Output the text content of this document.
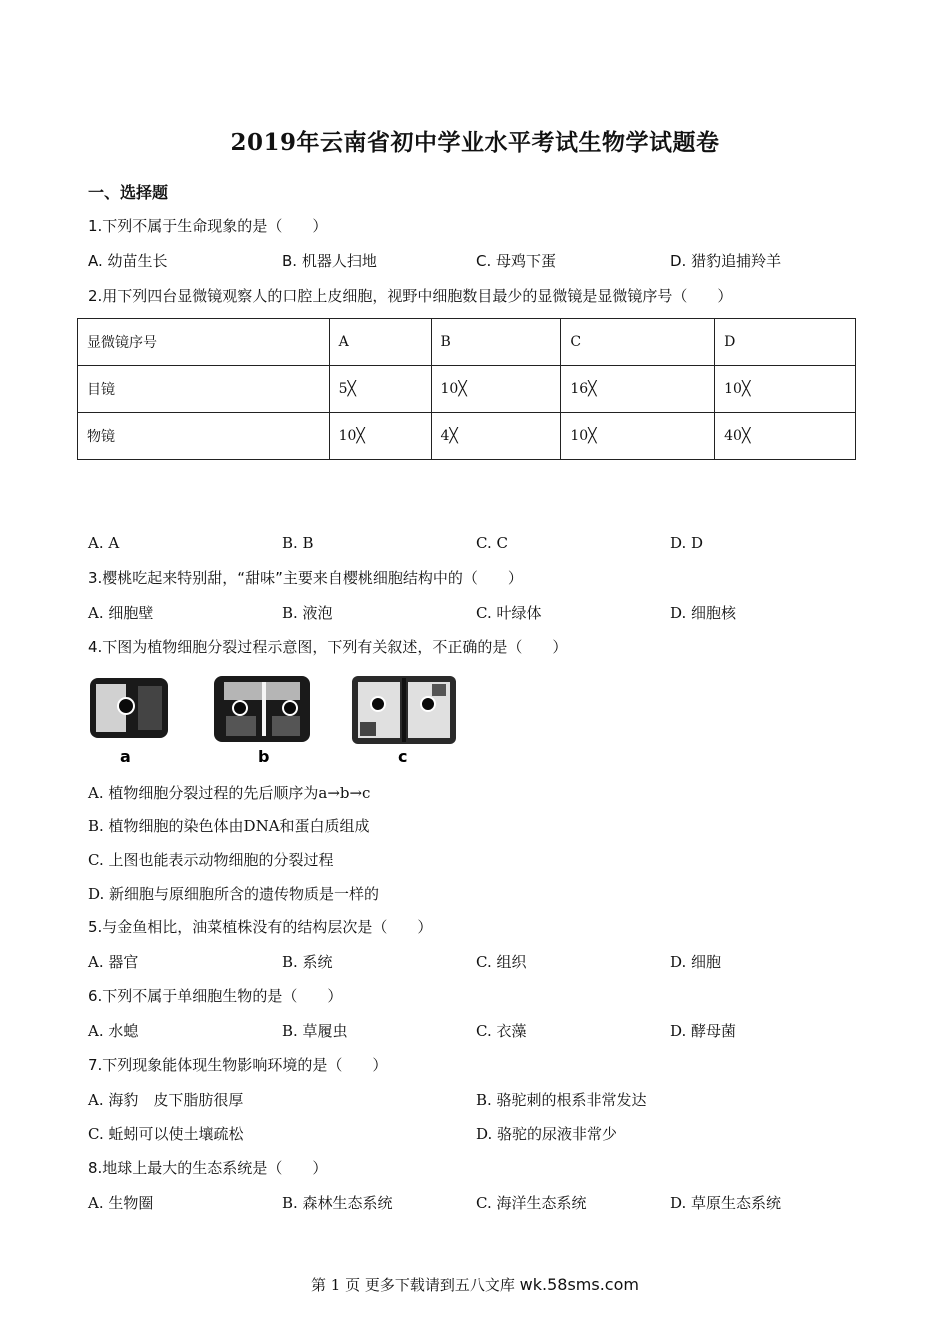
2019年云南省初中学业水平考试生物学试题卷
一、选择题
1.下列不属于生命现象的是（　　）
A. 幼苗生长	B. 机器人扫地	C. 母鸡下蛋	D. 猎豹追捕羚羊
2.用下列四台显微镜观察人的口腔上皮细胞，视野中细胞数目最少的显微镜是显微镜序号（　　）
显微镜序号	A	B	C	D
目镜	5╳	10╳	16╳	10╳
物镜	10╳	4╳	10╳	40╳
A. A	B. B	C. C	D. D
3.樱桃吃起来特别甜，“甜味”主要来自樱桃细胞结构中的（　　）
A. 细胞壁	B. 液泡	C. 叶绿体	D. 细胞核
4.下图为植物细胞分裂过程示意图，下列有关叙述，不正确的是（　　）
a	b	c
A. 植物细胞分裂过程的先后顺序为a→b→c
B. 植物细胞的染色体由DNA和蛋白质组成
C. 上图也能表示动物细胞的分裂过程
D. 新细胞与原细胞所含的遗传物质是一样的
5.与金鱼相比，油菜植株没有的结构层次是（　　）
A. 器官	B. 系统	C. 组织	D. 细胞
6.下列不属于单细胞生物的是（　　）
A. 水螅	B. 草履虫	C. 衣藻	D. 酵母菌
7.下列现象能体现生物影响环境的是（　　）
A. 海豹　皮下脂肪很厚	B. 骆驼刺的根系非常发达
C. 蚯蚓可以使土壤疏松	D. 骆驼的尿液非常少
8.地球上最大的生态系统是（　　）
A. 生物圈	B. 森林生态系统	C. 海洋生态系统	D. 草原生态系统
第 1 页 更多下载请到五八文库 wk.58sms.com
